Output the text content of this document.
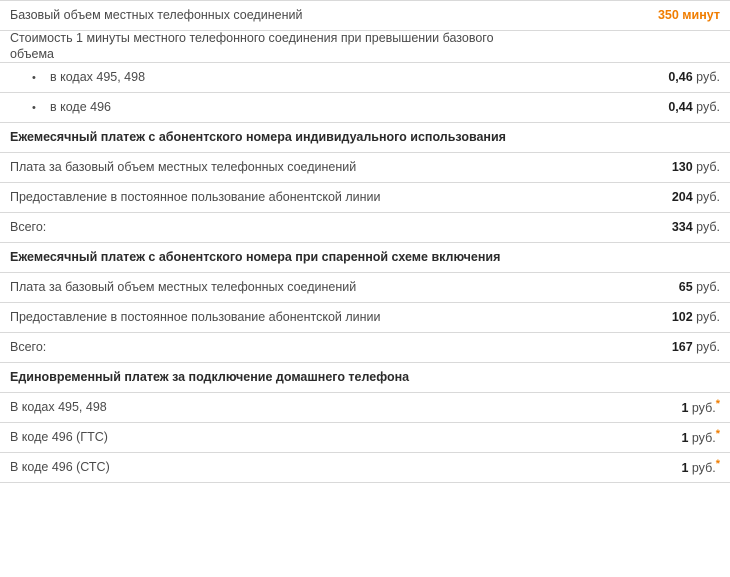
Базовый объем местных телефонных соединений	350 минут
Стоимость 1 минуты местного телефонного соединения при превышении базового объема	
• в кодах 495, 498	0,46 руб.
• в коде 496	0,44 руб.
Ежемесячный платеж с абонентского номера индивидуального использования	
Плата за базовый объем местных телефонных соединений	130 руб.
Предоставление в постоянное пользование абонентской линии	204 руб.
Всего:	334 руб.
Ежемесячный платеж с абонентского номера при спаренной схеме включения	
Плата за базовый объем местных телефонных соединений	65 руб.
Предоставление в постоянное пользование абонентской линии	102 руб.
Всего:	167 руб.
Единовременный платеж за подключение домашнего телефона	
В кодах 495, 498	1 руб.*
В коде 496 (ГТС)	1 руб.*
В коде 496 (СТС)	1 руб.*
